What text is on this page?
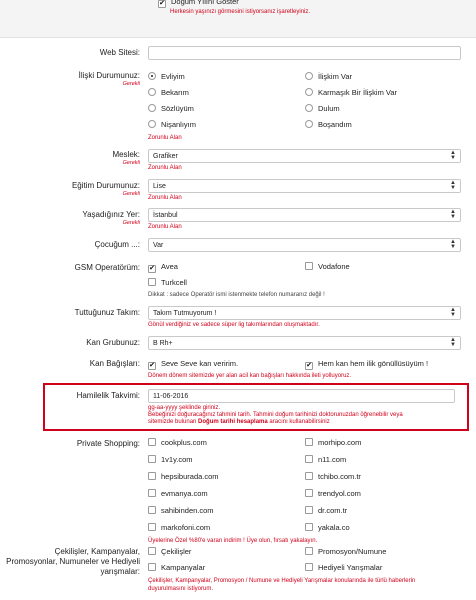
✔ Doğum Yılını Göster
Herkesin yaşınızı görmesini istiyorsanız işaretleyiniz.
Web Sitesi:
İlişki Durumunuz:
Gerekli
Evliyim	İlişkim Var
Bekarım	Karmaşık Bir İlişkim Var
Sözlüyüm	Dulum
Nişanlıyım	Boşandım
Zorunlu Alan
Meslek:
Gerekli
Grafiker	▲
▼
Zorunlu Alan
Eğitim Durumunuz:
Gerekli
Lise	▲
▼
Zorunlu Alan
Yaşadığınız Yer:
Gerekli
İstanbul	▲
▼
Zorunlu Alan
Çocuğum ...:	Var	▲
▼
GSM Operatörüm: ✔ Avea	Vodafone
Turkcell
Dikkat : sadece Operatör ismi istenmekte telefon numaranız değil !
Tuttuğunuz Takım:	Takım Tutmuyorum !	▲
▼
Gönül verdiğiniz ve sadece süper lig takımlarından oluşmaktadır.
Kan Grubunuz:	B Rh+	▲
▼
Kan Bağışları: ✔ Seve Seve kan veririm.	✔ Hem kan hem ilik gönüllüsüyüm !
Dönem dönem sitemizde yer alan acil kan bağışları hakkında ileti yolluyoruz.
Hamilelik Takvimi:	11-06-2016
gg-aa-yyyy şeklinde giriniz.
Bebeğinizi doğuracağınız tahmini tarih. Tahmini doğum tarihinizi doktorunuzdan öğrenebilir veya
sitemizde bulunan Doğum tarihi hesaplama aracını kullanabilirsiniz
Private Shopping:	cookplus.com	morhipo.com
1v1y.com	n11.com
hepsiburada.com	tchibo.com.tr
evmanya.com	trendyol.com
sahibinden.com	dr.com.tr
markofoni.com	yakala.co
Üyelerine Özel %80'e varan indirim ! Üye olun, fırsatı yakalayın.
Çekilişler, Kampanyalar,
Promosyonlar, Numuneler ve Hediyeli
yarışmalar:
Çekilişler	Promosyon/Numune
Kampanyalar	Hediyeli Yarışmalar
Çekilişler, Kampanyalar, Promosyon / Numune ve Hediyeli Yarışmalar konularında ile türlü haberlerin
duyurulmasını istiyorum.
